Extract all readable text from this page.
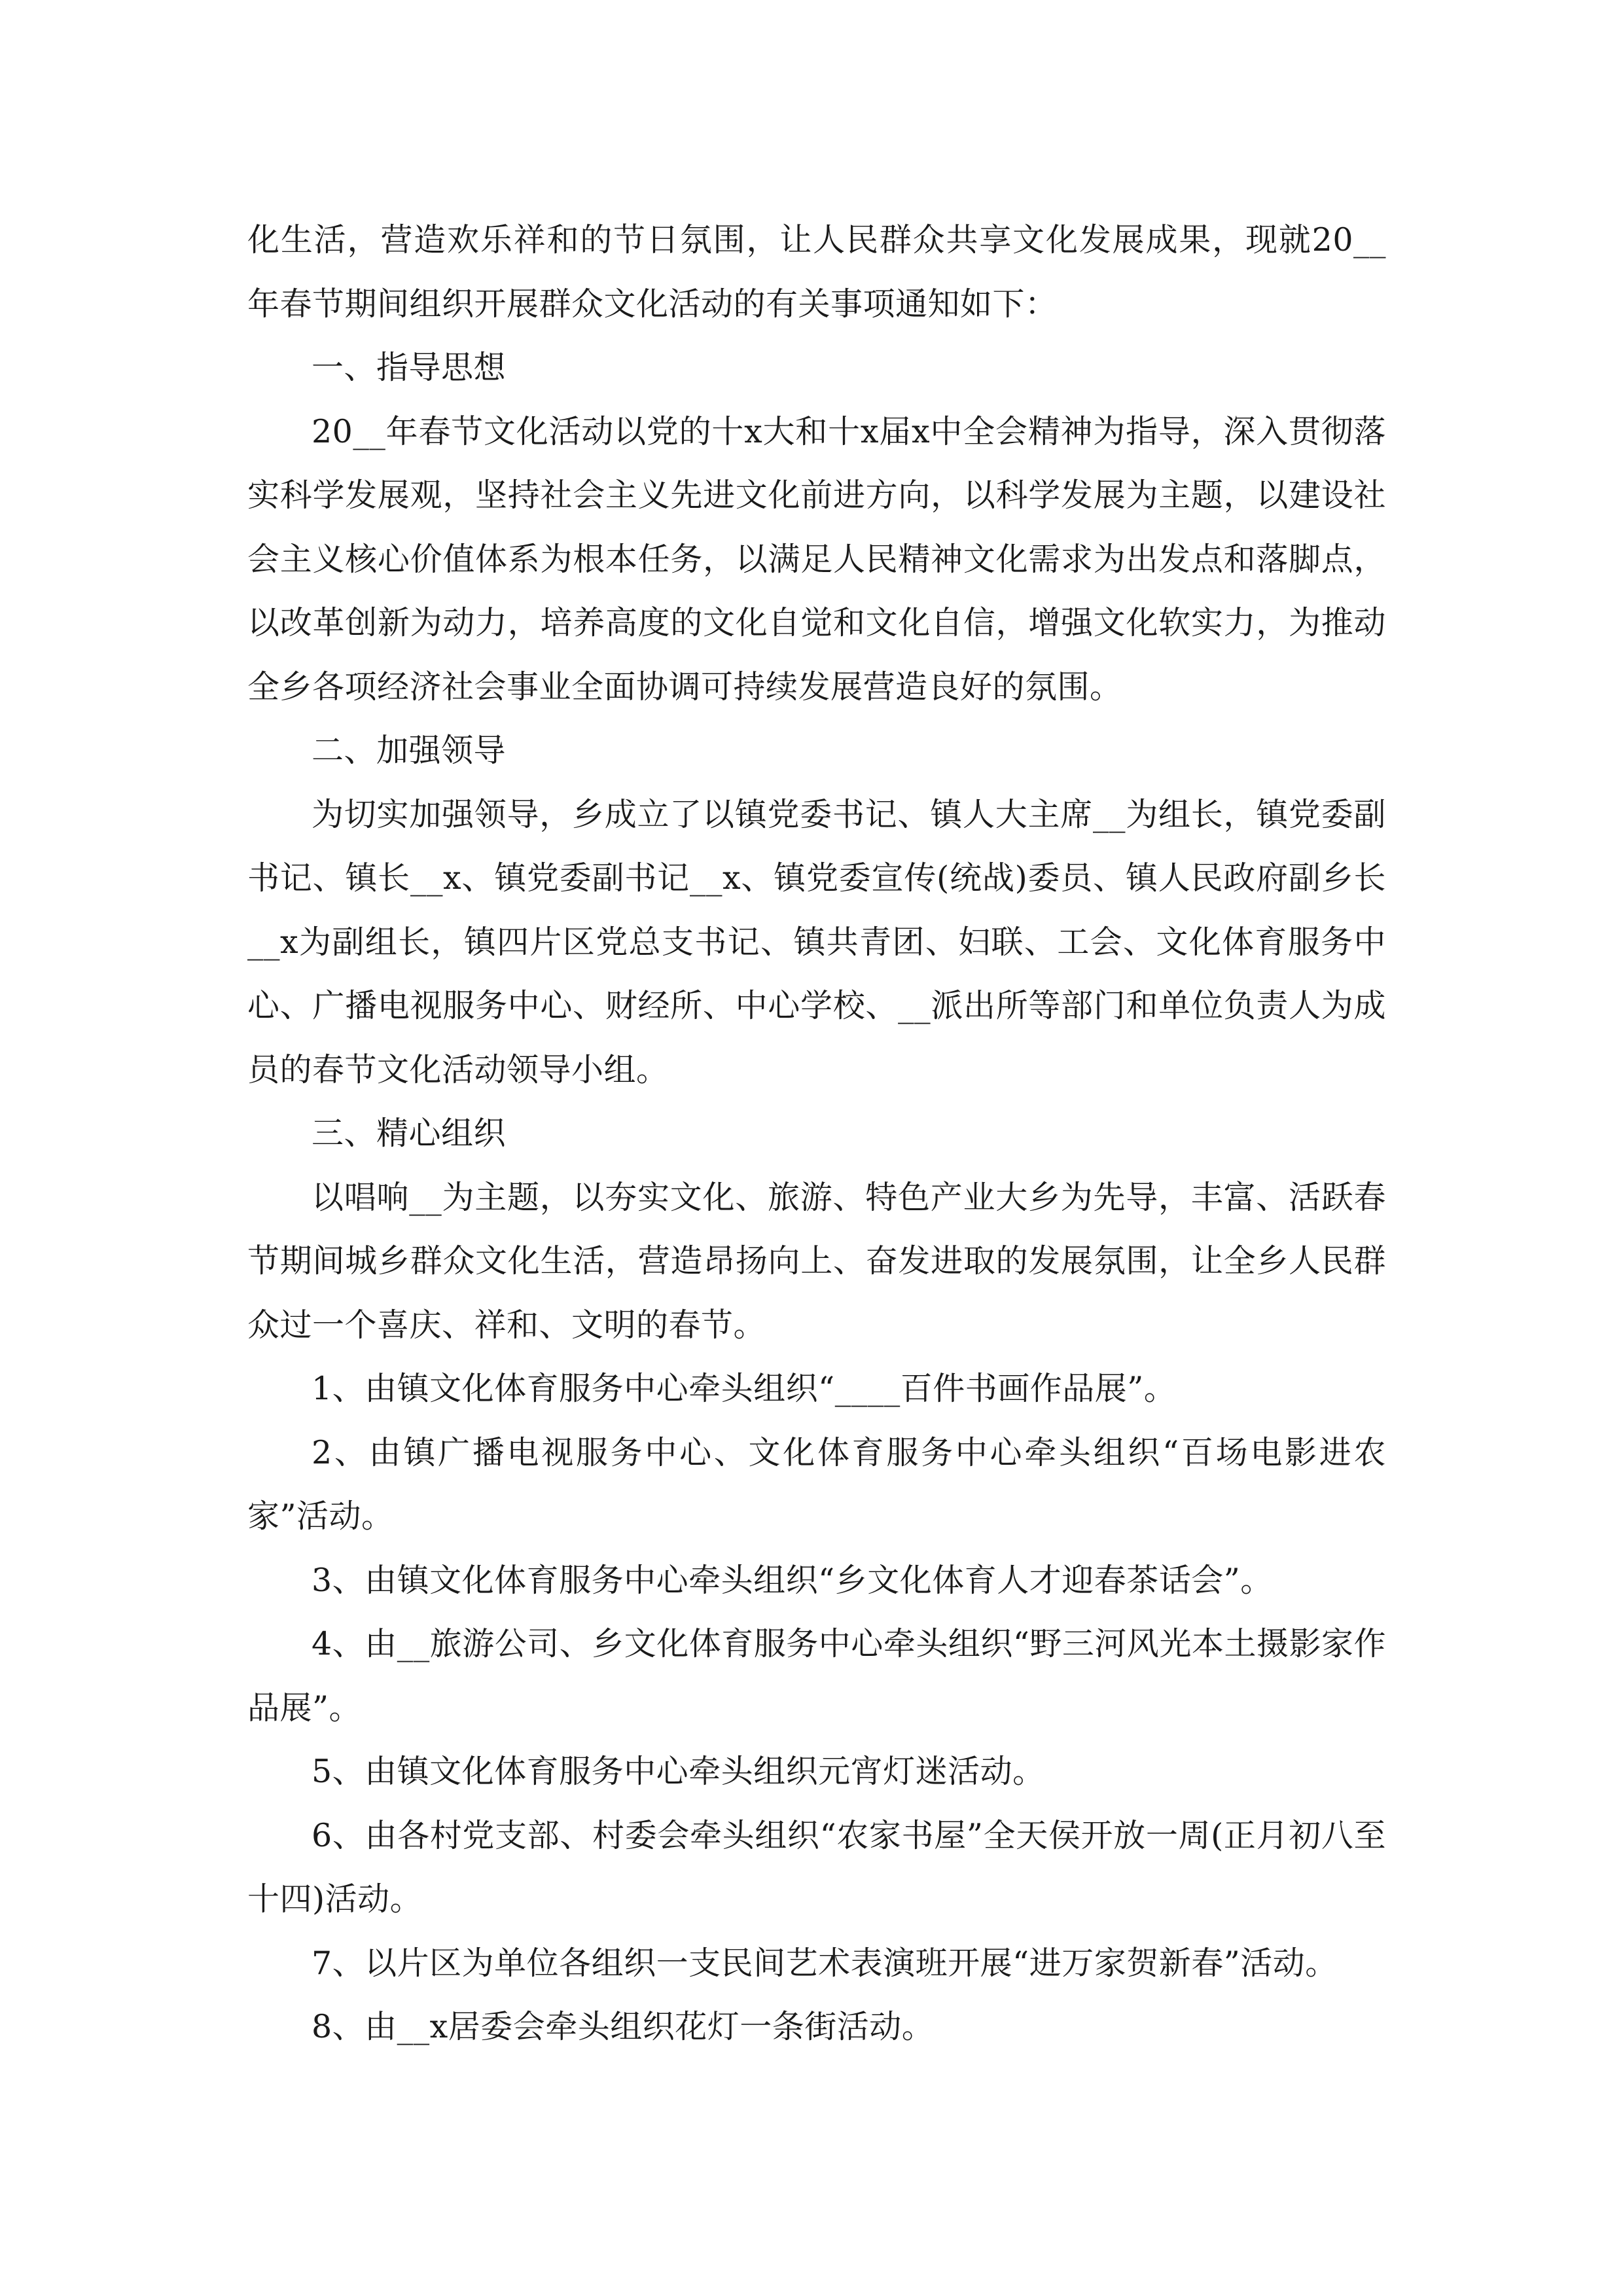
化生活，营造欢乐祥和的节日氛围，让人民群众共享文化发展成果，现就20__年春节期间组织开展群众文化活动的有关事项通知如下：

一、指导思想

20__年春节文化活动以党的十x大和十x届x中全会精神为指导，深入贯彻落实科学发展观，坚持社会主义先进文化前进方向，以科学发展为主题，以建设社会主义核心价值体系为根本任务，以满足人民精神文化需求为出发点和落脚点，以改革创新为动力，培养高度的文化自觉和文化自信，增强文化软实力，为推动全乡各项经济社会事业全面协调可持续发展营造良好的氛围。

二、加强领导

为切实加强领导，乡成立了以镇党委书记、镇人大主席__为组长，镇党委副书记、镇长__x、镇党委副书记__x、镇党委宣传(统战)委员、镇人民政府副乡长__x为副组长，镇四片区党总支书记、镇共青团、妇联、工会、文化体育服务中心、广播电视服务中心、财经所、中心学校、__派出所等部门和单位负责人为成员的春节文化活动领导小组。

三、精心组织

以唱响__为主题，以夯实文化、旅游、特色产业大乡为先导，丰富、活跃春节期间城乡群众文化生活，营造昂扬向上、奋发进取的发展氛围，让全乡人民群众过一个喜庆、祥和、文明的春节。

1、由镇文化体育服务中心牵头组织“____百件书画作品展”。

2、由镇广播电视服务中心、文化体育服务中心牵头组织“百场电影进农家”活动。

3、由镇文化体育服务中心牵头组织“乡文化体育人才迎春茶话会”。

4、由__旅游公司、乡文化体育服务中心牵头组织“野三河风光本土摄影家作品展”。

5、由镇文化体育服务中心牵头组织元宵灯迷活动。

6、由各村党支部、村委会牵头组织“农家书屋”全天侯开放一周(正月初八至十四)活动。

7、以片区为单位各组织一支民间艺术表演班开展“进万家贺新春”活动。

8、由__x居委会牵头组织花灯一条街活动。
